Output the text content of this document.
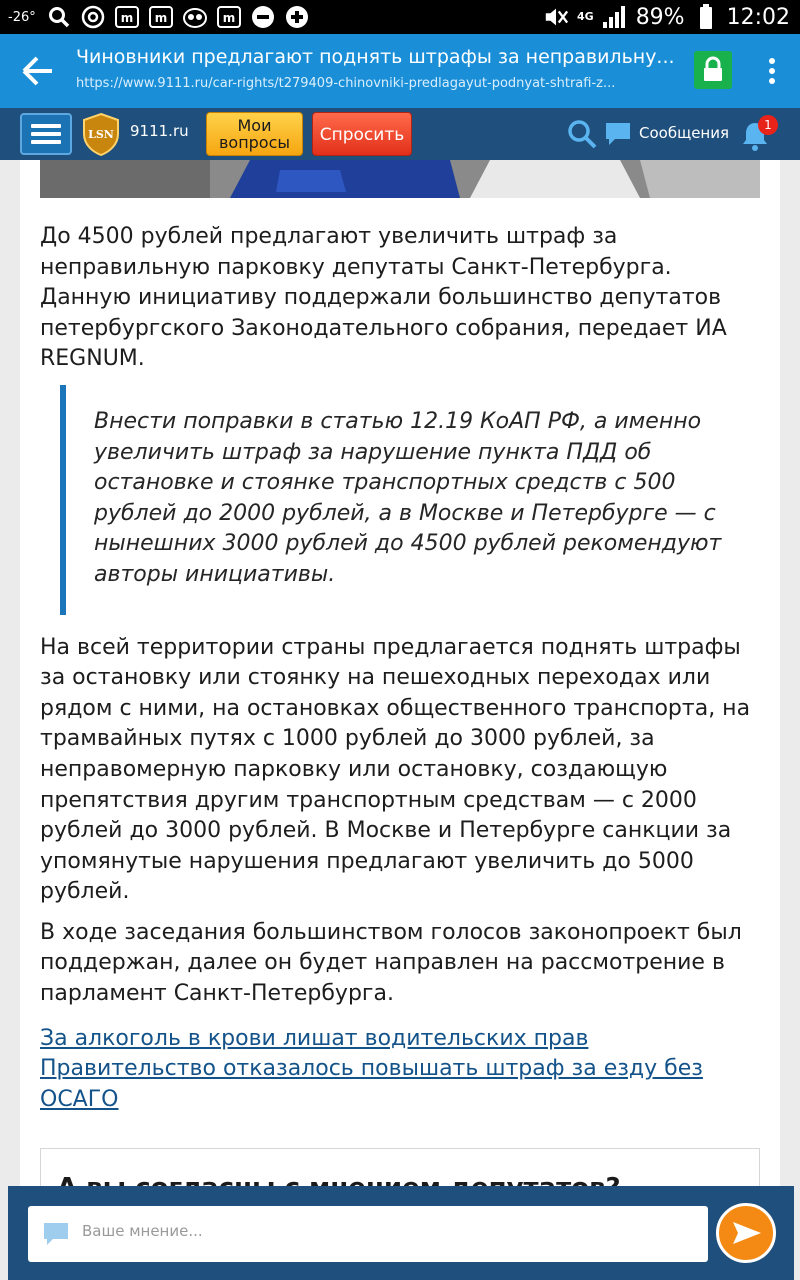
-26°	m m	m	4G 89% 12:02
Чиновники предлагают поднять штрафы за неправильну...
https://www.9111.ru/car-rights/t279409-chinovniki-predlagayut-podnyat-shtrafi-z...
LSN 9111.ru	Мои вопросы	Спросить	Сообщения	1

До 4500 рублей предлагают увеличить штраф за неправильную парковку депутаты Санкт-Петербурга. Данную инициативу поддержали большинство депутатов петербургского Законодательного собрания, передает ИА REGNUM.

Внести поправки в статью 12.19 КоАП РФ, а именно увеличить штраф за нарушение пункта ПДД об остановке и стоянке транспортных средств с 500 рублей до 2000 рублей, а в Москве и Петербурге — с нынешних 3000 рублей до 4500 рублей рекомендуют авторы инициативы.

На всей территории страны предлагается поднять штрафы за остановку или стоянку на пешеходных переходах или рядом с ними, на остановках общественного транспорта, на трамвайных путях с 1000 рублей до 3000 рублей, за неправомерную парковку или остановку, создающую препятствия другим транспортным средствам — с 2000 рублей до 3000 рублей. В Москве и Петербурге санкции за упомянутые нарушения предлагают увеличить до 5000 рублей.

В ходе заседания большинством голосов законопроект был поддержан, далее он будет направлен на рассмотрение в парламент Санкт-Петербурга.

За алкоголь в крови лишат водительских прав
Правительство отказалось повышать штраф за езду без ОСАГО
Ваше мнение...
